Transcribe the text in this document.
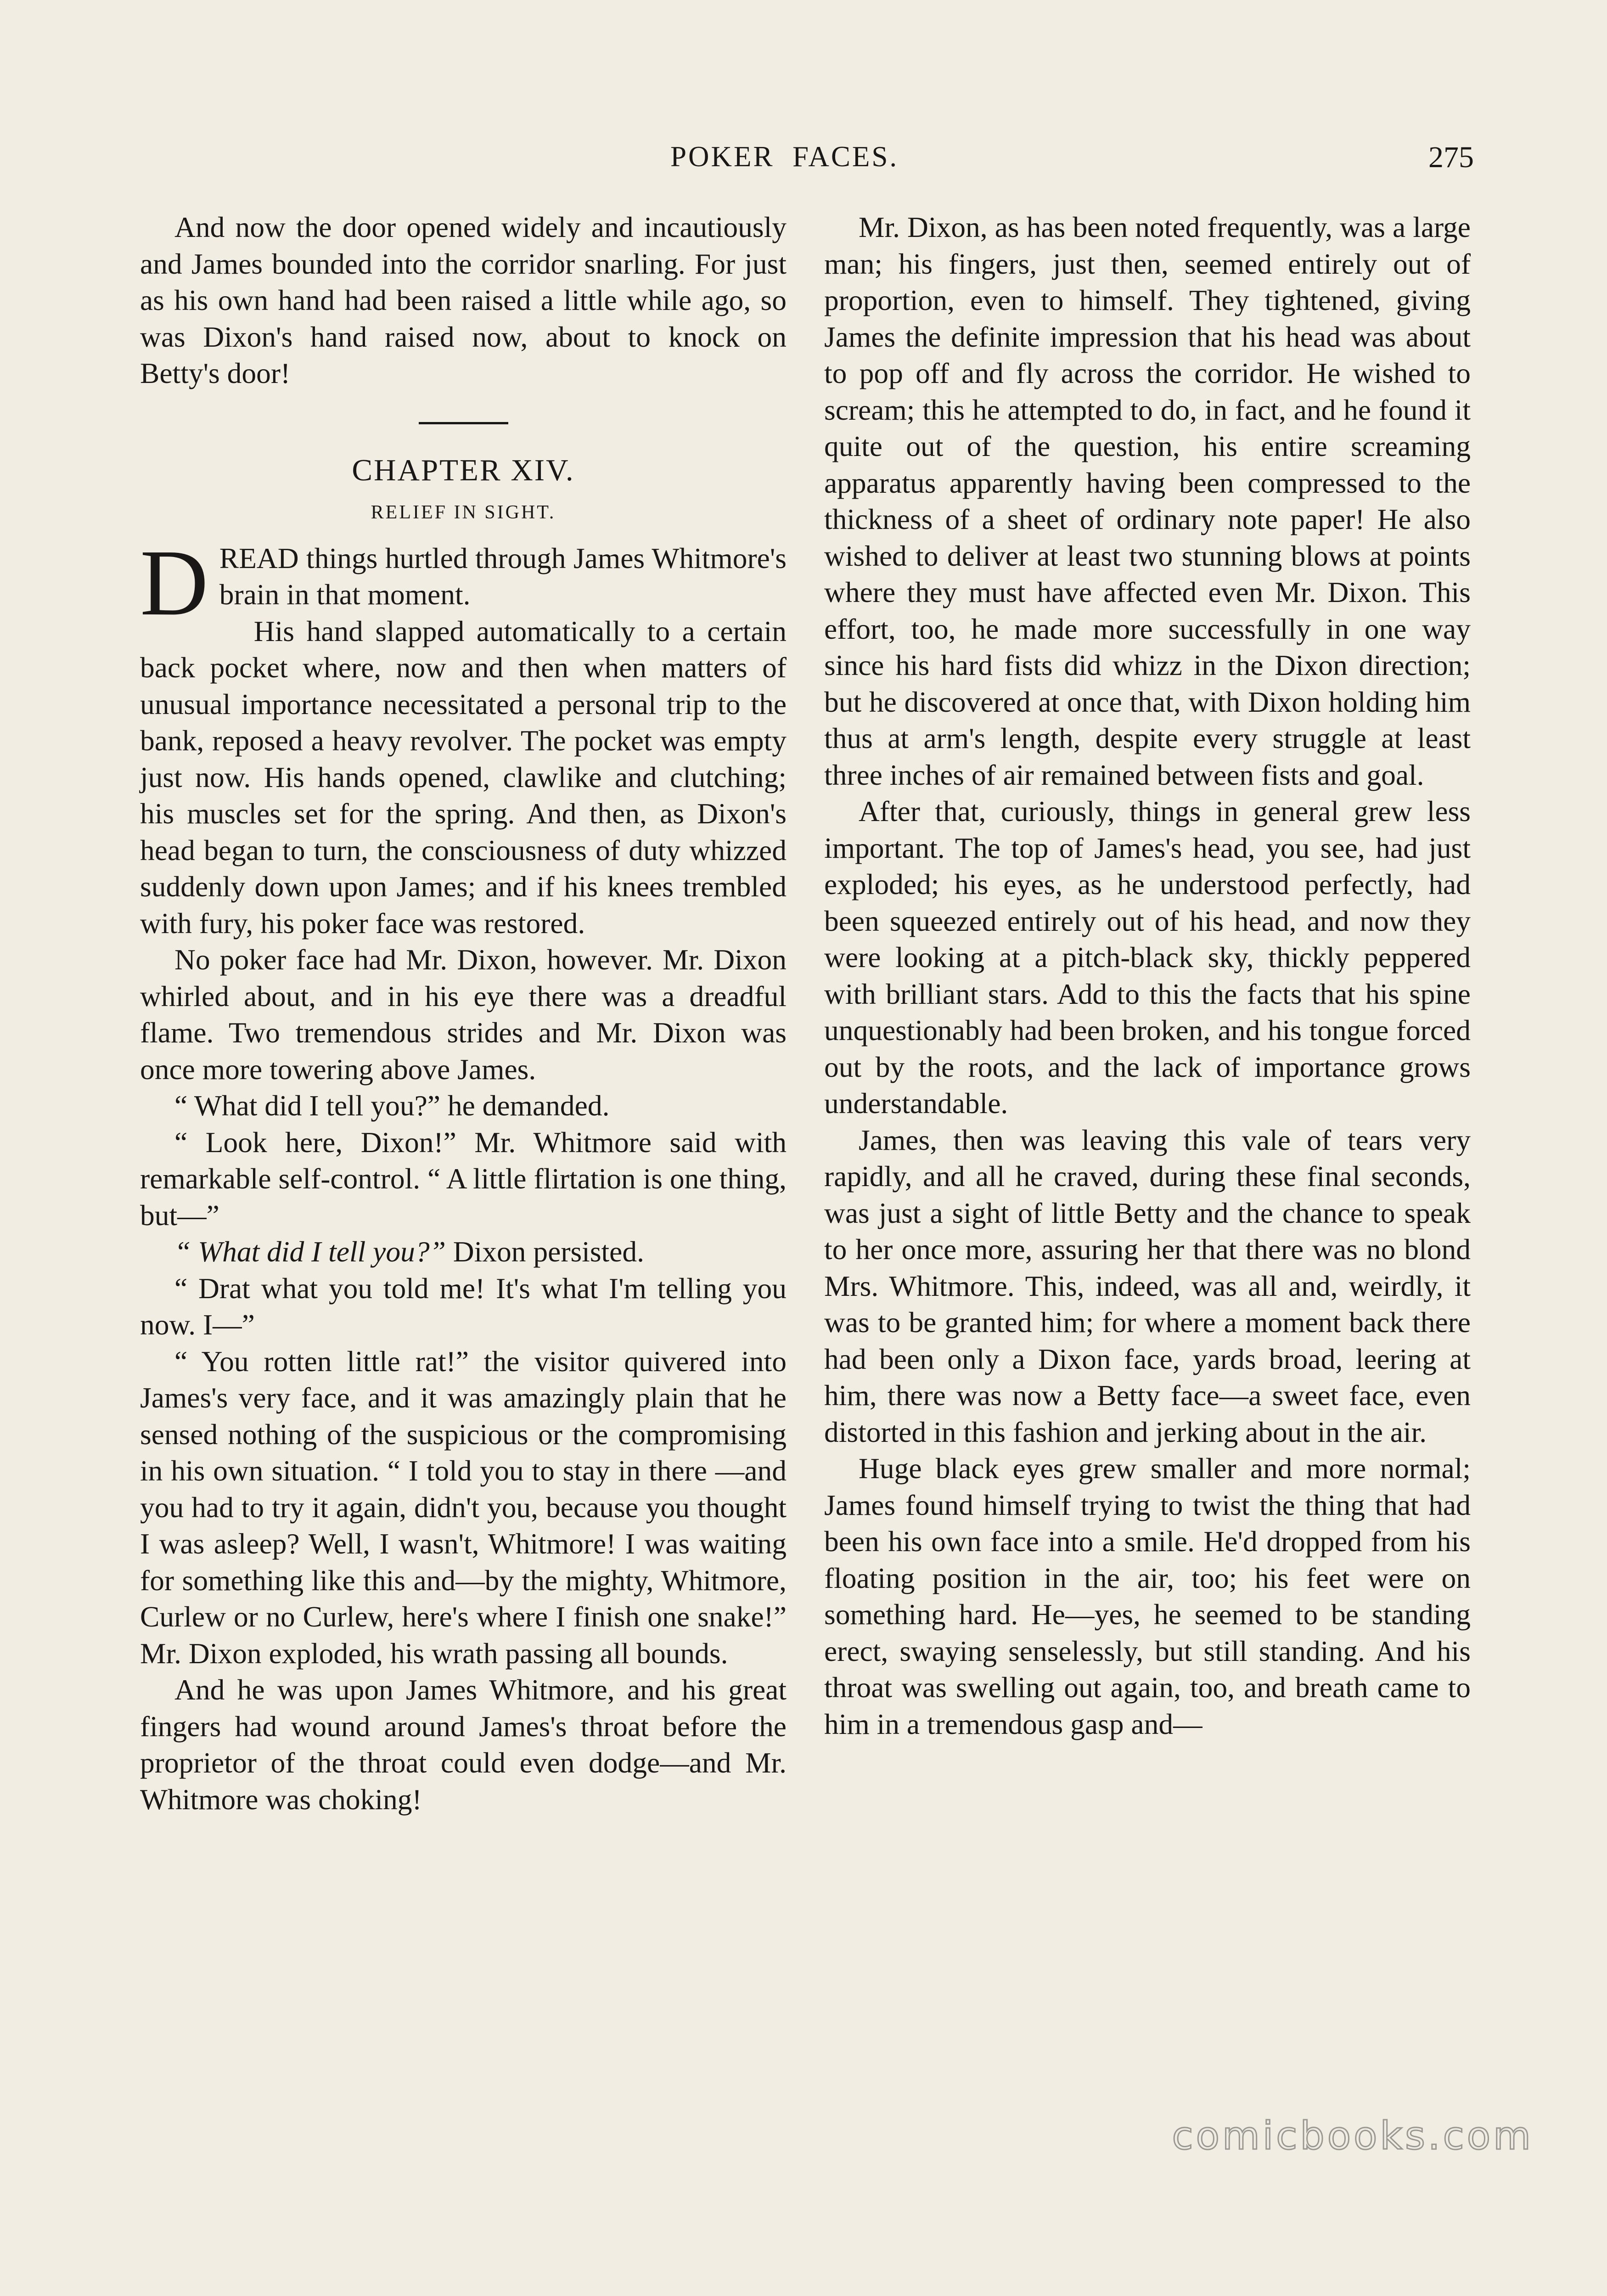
POKER  FACES.	275

And now the door opened widely and incautiously and James bounded into the corridor snarling. For just as his own hand had been raised a little while ago, so was Dixon's hand raised now, about to knock on Betty's door!

CHAPTER XIV.
RELIEF IN SIGHT.

DREAD things hurtled through James Whitmore's brain in that moment.

His hand slapped automatically to a certain back pocket where, now and then when matters of unusual importance necessitated a personal trip to the bank, reposed a heavy revolver. The pocket was empty just now. His hands opened, clawlike and clutching; his muscles set for the spring. And then, as Dixon's head began to turn, the consciousness of duty whizzed suddenly down upon James; and if his knees trembled with fury, his poker face was restored.

No poker face had Mr. Dixon, however. Mr. Dixon whirled about, and in his eye there was a dreadful flame. Two tremendous strides and Mr. Dixon was once more towering above James.

“ What did I tell you?” he demanded.

“ Look here, Dixon!” Mr. Whitmore said with remarkable self-control. “ A little flirtation is one thing, but—”

“ What did I tell you?” Dixon persisted.

“ Drat what you told me! It's what I'm telling you now. I—”

“ You rotten little rat!” the visitor quivered into James's very face, and it was amazingly plain that he sensed nothing of the suspicious or the compromising in his own situation. “ I told you to stay in there —and you had to try it again, didn't you, because you thought I was asleep? Well, I wasn't, Whitmore! I was waiting for something like this and—by the mighty, Whitmore, Curlew or no Curlew, here's where I finish one snake!” Mr. Dixon exploded, his wrath passing all bounds.

And he was upon James Whitmore, and his great fingers had wound around James's throat before the proprietor of the throat could even dodge—and Mr. Whitmore was choking!

Mr. Dixon, as has been noted frequently, was a large man; his fingers, just then, seemed entirely out of proportion, even to himself. They tightened, giving James the definite impression that his head was about to pop off and fly across the corridor. He wished to scream; this he attempted to do, in fact, and he found it quite out of the question, his entire screaming apparatus apparently having been compressed to the thickness of a sheet of ordinary note paper! He also wished to deliver at least two stunning blows at points where they must have affected even Mr. Dixon. This effort, too, he made more successfully in one way since his hard fists did whizz in the Dixon direction; but he discovered at once that, with Dixon holding him thus at arm's length, despite every struggle at least three inches of air remained between fists and goal.

After that, curiously, things in general grew less important. The top of James's head, you see, had just exploded; his eyes, as he understood perfectly, had been squeezed entirely out of his head, and now they were looking at a pitch-black sky, thickly peppered with brilliant stars. Add to this the facts that his spine unquestionably had been broken, and his tongue forced out by the roots, and the lack of importance grows understandable.

James, then was leaving this vale of tears very rapidly, and all he craved, during these final seconds, was just a sight of little Betty and the chance to speak to her once more, assuring her that there was no blond Mrs. Whitmore. This, indeed, was all and, weirdly, it was to be granted him; for where a moment back there had been only a Dixon face, yards broad, leering at him, there was now a Betty face—a sweet face, even distorted in this fashion and jerking about in the air.

Huge black eyes grew smaller and more normal; James found himself trying to twist the thing that had been his own face into a smile. He'd dropped from his floating position in the air, too; his feet were on something hard. He—yes, he seemed to be standing erect, swaying senselessly, but still standing. And his throat was swelling out again, too, and breath came to him in a tremendous gasp and—

comicbooks.com
